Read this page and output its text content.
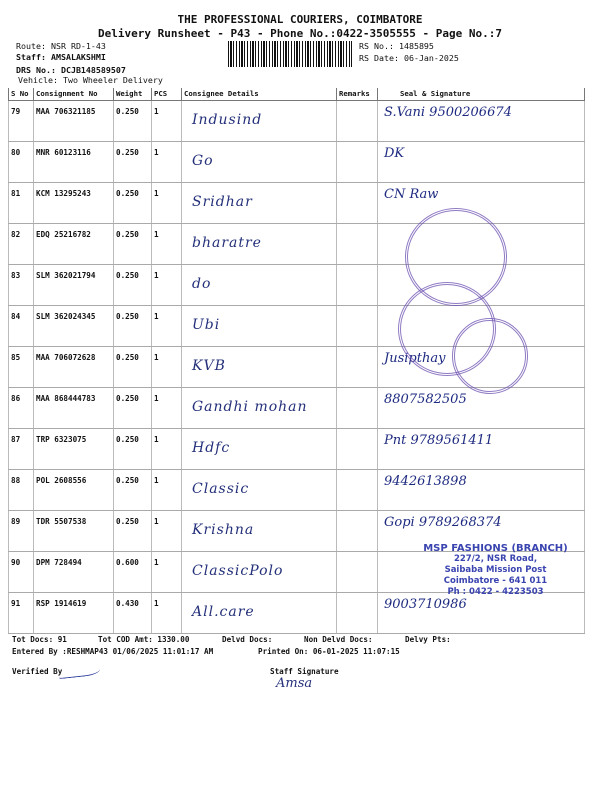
THE PROFESSIONAL COURIERS, COIMBATORE
Delivery Runsheet - P43 - Phone No.:0422-3505555 - Page No.:7
Route: NSR RD-1-43
Staff: AMSALAKSHMI
DRS No.: DCJB148589507
Vehicle: Two Wheeler Delivery
RS No.: 1485895
RS Date: 06-Jan-2025
S No	Consignment No	Weight	PCS	Consignee Details	Remarks	Seal & Signature
79	MAA 706321185	0.250	1	Indusind		S.Vani 9500206674

80	MNR 60123116	0.250	1	Go		DK

81	KCM 13295243	0.250	1	Sridhar		CN Raw

82	EDQ 25216782	0.250	1	bharatre		

83	SLM 362021794	0.250	1	do		

84	SLM 362024345	0.250	1	Ubi		

85	MAA 706072628	0.250	1	KVB		Jusipthay

86	MAA 868444783	0.250	1	Gandhi mohan		8807582505

87	TRP 6323075	0.250	1	Hdfc		Pnt 9789561411

88	POL 2608556	0.250	1	Classic		9442613898

89	TDR 5507538	0.250	1	Krishna		Gopi 9789268374

90	DPM 728494	0.600	1	ClassicPolo		

91	RSP 1914619	0.430	1	All.care		9003710986
MSP FASHIONS (BRANCH)
227/2, NSR Road,
Saibaba Mission Post
Coimbatore - 641 011
Ph : 0422 - 4223503
Tot Docs: 91	Tot COD Amt: 1330.00	Delvd Docs:	Non Delvd Docs:	Delvy Pts:
Entered By :RESHMAP43 01/06/2025 11:01:17 AM	Printed On: 06-01-2025 11:07:15
Verified By	Staff Signature
Amsa
